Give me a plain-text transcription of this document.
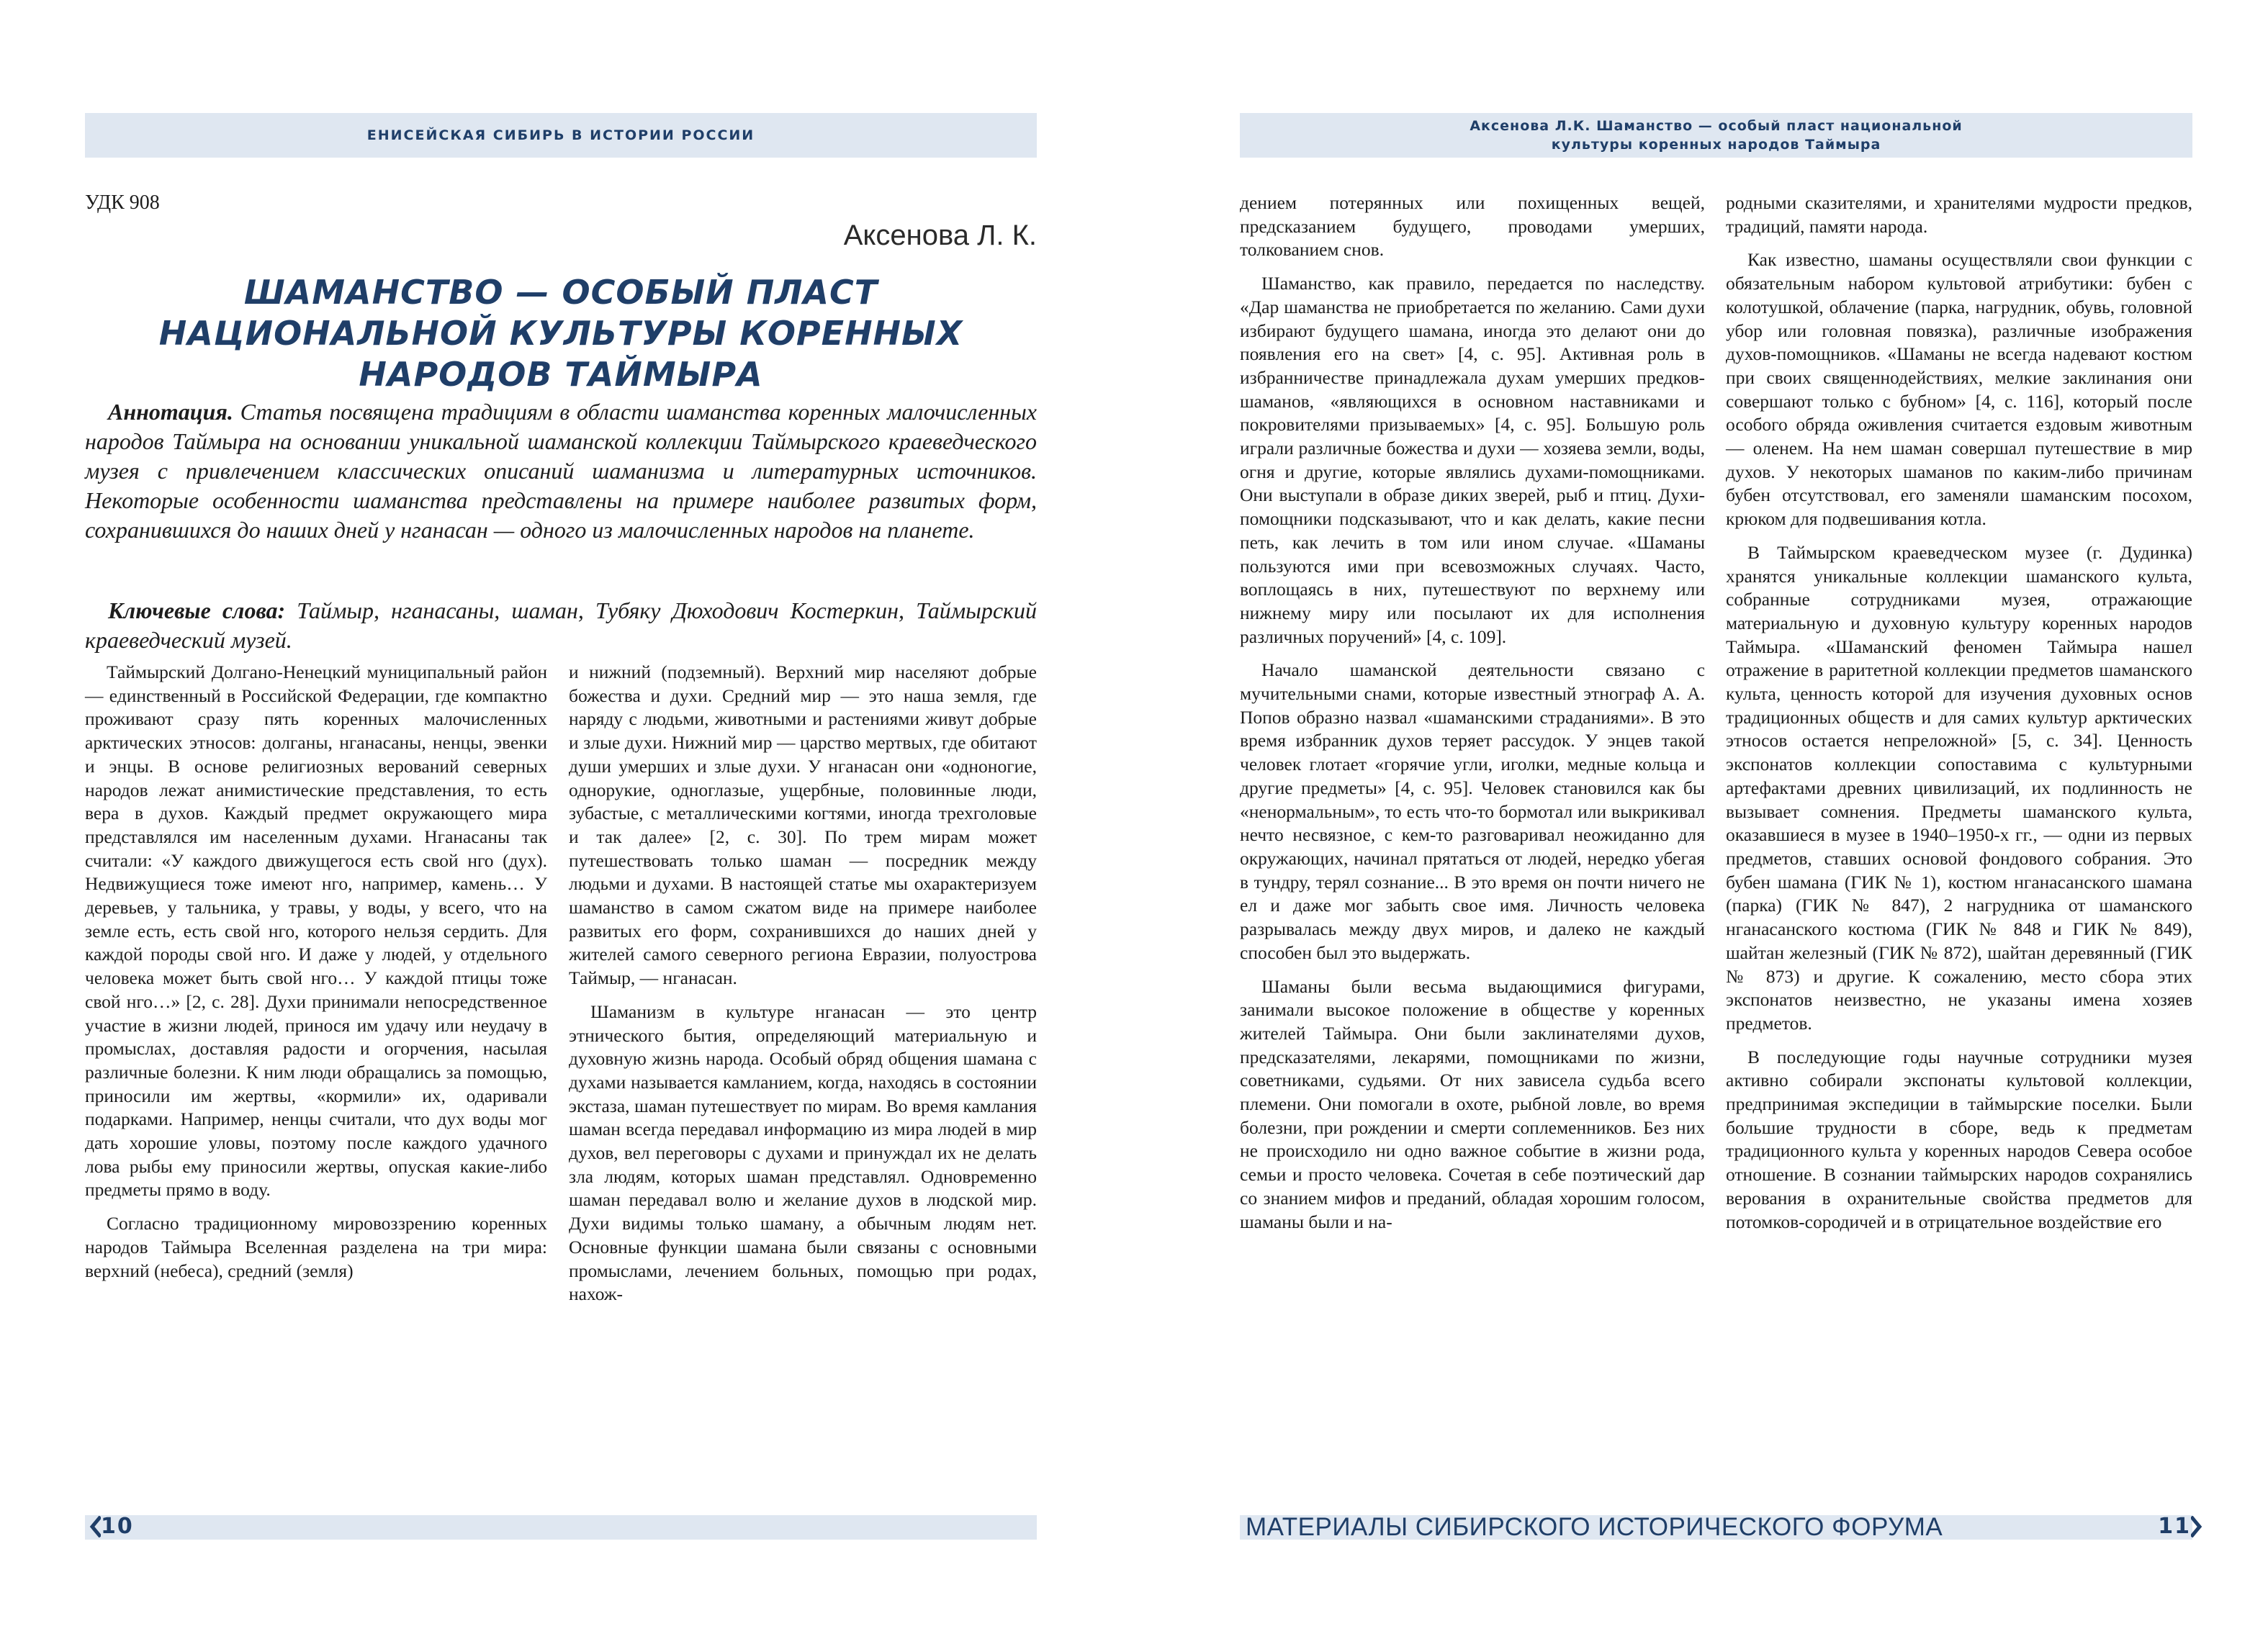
ЕНИСЕЙСКАЯ СИБИРЬ В ИСТОРИИ РОССИИ
УДК 908
Аксенова Л. К.
ШАМАНСТВО — ОСОБЫЙ ПЛАСТ НАЦИОНАЛЬНОЙ КУЛЬТУРЫ КОРЕННЫХ НАРОДОВ ТАЙМЫРА
Аннотация. Статья посвящена традициям в области шаманства коренных малочисленных народов Таймыра на основании уникальной шаманской коллекции Таймырского краеведческого музея с привлечением классических описаний шаманизма и литературных источников. Некоторые особенности шаманства представлены на примере наиболее развитых форм, сохранившихся до наших дней у нганасан — одного из малочисленных народов на планете.
Ключевые слова: Таймыр, нганасаны, шаман, Тубяку Дюходович Костеркин, Таймырский краеведческий музей.

Таймырский Долгано-Ненецкий муниципальный район — единственный в Российской Федерации, где компактно проживают сразу пять коренных малочисленных арктических этносов: долганы, нганасаны, ненцы, эвенки и энцы. В основе религиозных верований северных народов лежат анимистические представления, то есть вера в духов. Каждый предмет окружающего мира представлялся им населенным духами. Нганасаны так считали: «У каждого движущегося есть свой нго (дух). Недвижущиеся тоже имеют нго, например, камень… У деревьев, у тальника, у травы, у воды, у всего, что на земле есть, есть свой нго, которого нельзя сердить. Для каждой породы свой нго. И даже у людей, у отдельного человека может быть свой нго… У каждой птицы тоже свой нго…» [2, с. 28]. Духи принимали непосредственное участие в жизни людей, принося им удачу или неудачу в промыслах, доставляя радости и огорчения, насылая различные болезни. К ним люди обращались за помощью, приносили им жертвы, «кормили» их, одаривали подарками. Например, ненцы считали, что дух воды мог дать хорошие уловы, поэтому после каждого удачного лова рыбы ему приносили жертвы, опуская какие-либо предметы прямо в воду.

Согласно традиционному мировоззрению коренных народов Таймыра Вселенная разделена на три мира: верхний (небеса), средний (земля)

и нижний (подземный). Верхний мир населяют добрые божества и духи. Средний мир — это наша земля, где наряду с людьми, животными и растениями живут добрые и злые духи. Нижний мир — царство мертвых, где обитают души умерших и злые духи. У нганасан они «одноногие, однорукие, одноглазые, ущербные, половинные люди, зубастые, с металлическими когтями, иногда трехголовые и так далее» [2, с. 30]. По трем мирам может путешествовать только шаман — посредник между людьми и духами. В настоящей статье мы охарактеризуем шаманство в самом сжатом виде на примере наиболее развитых его форм, сохранившихся до наших дней у жителей самого северного региона Евразии, полуострова Таймыр, — нганасан.

Шаманизм в культуре нганасан — это центр этнического бытия, определяющий материальную и духовную жизнь народа. Особый обряд общения шамана с духами называется камланием, когда, находясь в состоянии экстаза, шаман путешествует по мирам. Во время камлания шаман всегда передавал информацию из мира людей в мир духов, вел переговоры с духами и принуждал их не делать зла людям, которых шаман представлял. Одновременно шаман передавал волю и желание духов в людской мир. Духи видимы только шаману, а обычным людям нет. Основные функции шамана были связаны с основными промыслами, лечением больных, помощью при родах, нахож-

10
Аксенова Л.К. Шаманство — особый пласт национальной
культуры коренных народов Таймыра

дением потерянных или похищенных вещей, предсказанием будущего, проводами умерших, толкованием снов.

Шаманство, как правило, передается по наследству. «Дар шаманства не приобретается по желанию. Сами духи избирают будущего шамана, иногда это делают они до появления его на свет» [4, с. 95]. Активная роль в избранничестве принадлежала духам умерших предков-шаманов, «являющихся в основном наставниками и покровителями призываемых» [4, с. 95]. Большую роль играли различные божества и духи — хозяева земли, воды, огня и другие, которые являлись духами-помощниками. Они выступали в образе диких зверей, рыб и птиц. Духи-помощники подсказывают, что и как делать, какие песни петь, как лечить в том или ином случае. «Шаманы пользуются ими при всевозможных случаях. Часто, воплощаясь в них, путешествуют по верхнему или нижнему миру или посылают их для исполнения различных поручений» [4, с. 109].

Начало шаманской деятельности связано с мучительными снами, которые известный этнограф А. А. Попов образно назвал «шаманскими страданиями». В это время избранник духов теряет рассудок. У энцев такой человек глотает «горячие угли, иголки, медные кольца и другие предметы» [4, с. 95]. Человек становился как бы «ненормальным», то есть что-то бормотал или выкрикивал нечто несвязное, с кем-то разговаривал неожиданно для окружающих, начинал прятаться от людей, нередко убегая в тундру, терял сознание... В это время он почти ничего не ел и даже мог забыть свое имя. Личность человека разрывалась между двух миров, и далеко не каждый способен был это выдержать.

Шаманы были весьма выдающимися фигурами, занимали высокое положение в обществе у коренных жителей Таймыра. Они были заклинателями духов, предсказателями, лекарями, помощниками по жизни, советниками, судьями. От них зависела судьба всего племени. Они помогали в охоте, рыбной ловле, во время болезни, при рождении и смерти соплеменников. Без них не происходило ни одно важное событие в жизни рода, семьи и просто человека. Сочетая в себе поэтический дар со знанием мифов и преданий, обладая хорошим голосом, шаманы были и на-

родными сказителями, и хранителями мудрости предков, традиций, памяти народа.

Как известно, шаманы осуществляли свои функции с обязательным набором культовой атрибутики: бубен с колотушкой, облачение (парка, нагрудник, обувь, головной убор или головная повязка), различные изображения духов-помощников. «Шаманы не всегда надевают костюм при своих священнодействиях, мелкие заклинания они совершают только с бубном» [4, с. 116], который после особого обряда оживления считается ездовым животным — оленем. На нем шаман совершал путешествие в мир духов. У некоторых шаманов по каким-либо причинам бубен отсутствовал, его заменяли шаманским посохом, крюком для подвешивания котла.

В Таймырском краеведческом музее (г. Дудинка) хранятся уникальные коллекции шаманского культа, собранные сотрудниками музея, отражающие материальную и духовную культуру коренных народов Таймыра. «Шаманский феномен Таймыра нашел отражение в раритетной коллекции предметов шаманского культа, ценность которой для изучения духовных основ традиционных обществ и для самих культур арктических этносов остается непреложной» [5, с. 34]. Ценность экспонатов коллекции сопоставима с культурными артефактами древних цивилизаций, их подлинность не вызывает сомнения. Предметы шаманского культа, оказавшиеся в музее в 1940–1950-х гг., — одни из первых предметов, ставших основой фондового собрания. Это бубен шамана (ГИК № 1), костюм нганасанского шамана (парка) (ГИК № 847), 2 нагрудника от шаманского нганасанского костюма (ГИК № 848 и ГИК № 849), шайтан железный (ГИК № 872), шайтан деревянный (ГИК № 873) и другие. К сожалению, место сбора этих экспонатов неизвестно, не указаны имена хозяев предметов.

В последующие годы научные сотрудники музея активно собирали экспонаты культовой коллекции, предпринимая экспедиции в таймырские поселки. Были большие трудности в сборе, ведь к предметам традиционного культа у коренных народов Севера особое отношение. В сознании таймырских народов сохранялись верования в охранительные свойства предметов для потомков-сородичей и в отрицательное воздействие его

МАТЕРИАЛЫ СИБИРСКОГО ИСТОРИЧЕСКОГО ФОРУМА	11
